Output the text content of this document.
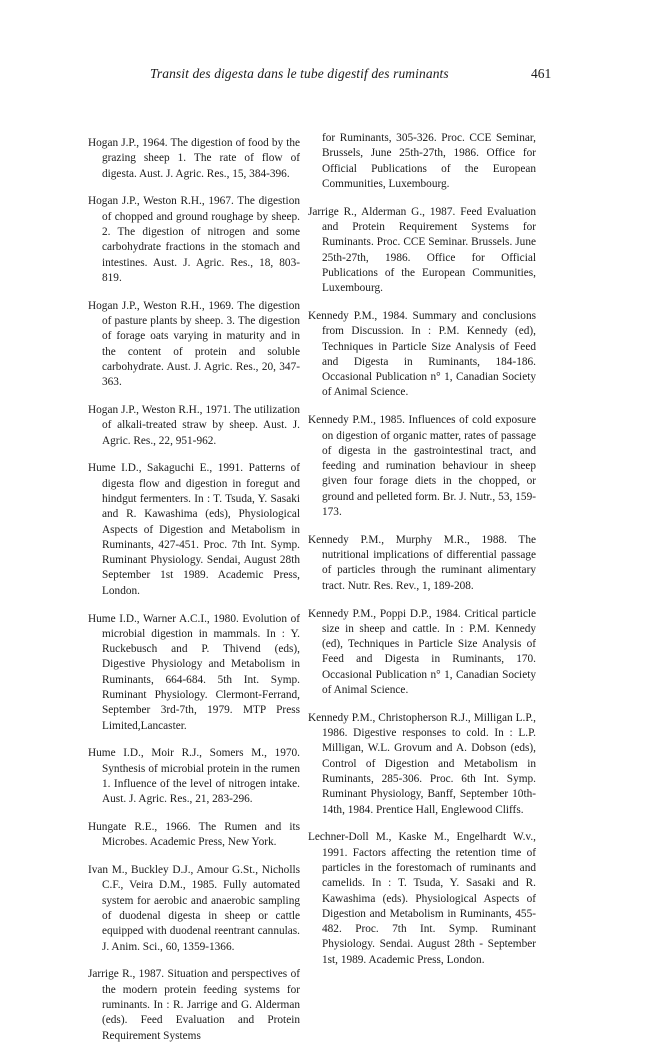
Transit des digesta dans le tube digestif des ruminants	461

Hogan J.P., 1964. The digestion of food by the grazing sheep 1. The rate of flow of digesta. Aust. J. Agric. Res., 15, 384-396.

Hogan J.P., Weston R.H., 1967. The digestion of chopped and ground roughage by sheep. 2. The digestion of nitrogen and some carbohydrate fractions in the stomach and intestines. Aust. J. Agric. Res., 18, 803-819.

Hogan J.P., Weston R.H., 1969. The digestion of pasture plants by sheep. 3. The digestion of forage oats varying in maturity and in the content of protein and soluble carbohydrate. Aust. J. Agric. Res., 20, 347-363.

Hogan J.P., Weston R.H., 1971. The utilization of alkali-treated straw by sheep. Aust. J. Agric. Res., 22, 951-962.

Hume I.D., Sakaguchi E., 1991. Patterns of digesta flow and digestion in foregut and hindgut fermenters. In : T. Tsuda, Y. Sasaki and R. Kawashima (eds), Physiological Aspects of Digestion and Metabolism in Ruminants, 427-451. Proc. 7th Int. Symp. Ruminant Physiology. Sendai, August 28th September 1st 1989. Academic Press, London.

Hume I.D., Warner A.C.I., 1980. Evolution of microbial digestion in mammals. In : Y. Ruckebusch and P. Thivend (eds), Digestive Physiology and Metabolism in Ruminants, 664-684. 5th Int. Symp. Ruminant Physiology. Clermont-Ferrand, September 3rd-7th, 1979. MTP Press Limited,Lancaster.

Hume I.D., Moir R.J., Somers M., 1970. Synthesis of microbial protein in the rumen 1. Influence of the level of nitrogen intake. Aust. J. Agric. Res., 21, 283-296.

Hungate R.E., 1966. The Rumen and its Microbes. Academic Press, New York.

Ivan M., Buckley D.J., Amour G.St., Nicholls C.F., Veira D.M., 1985. Fully automated system for aerobic and anaerobic sampling of duodenal digesta in sheep or cattle equipped with duodenal reentrant cannulas. J. Anim. Sci., 60, 1359-1366.

Jarrige R., 1987. Situation and perspectives of the modern protein feeding systems for ruminants. In : R. Jarrige and G. Alderman (eds). Feed Evaluation and Protein Requirement Systems

for Ruminants, 305-326. Proc. CCE Seminar, Brussels, June 25th-27th, 1986. Office for Official Publications of the European Communities, Luxembourg.

Jarrige R., Alderman G., 1987. Feed Evaluation and Protein Requirement Systems for Ruminants. Proc. CCE Seminar. Brussels. June 25th-27th, 1986. Office for Official Publications of the European Communities, Luxembourg.

Kennedy P.M., 1984. Summary and conclusions from Discussion. In : P.M. Kennedy (ed), Techniques in Particle Size Analysis of Feed and Digesta in Ruminants, 184-186. Occasional Publication n° 1, Canadian Society of Animal Science.

Kennedy P.M., 1985. Influences of cold exposure on digestion of organic matter, rates of passage of digesta in the gastrointestinal tract, and feeding and rumination behaviour in sheep given four forage diets in the chopped, or ground and pelleted form. Br. J. Nutr., 53, 159-173.

Kennedy P.M., Murphy M.R., 1988. The nutritional implications of differential passage of particles through the ruminant alimentary tract. Nutr. Res. Rev., 1, 189-208.

Kennedy P.M., Poppi D.P., 1984. Critical particle size in sheep and cattle. In : P.M. Kennedy (ed), Techniques in Particle Size Analysis of Feed and Digesta in Ruminants, 170. Occasional Publication n° 1, Canadian Society of Animal Science.

Kennedy P.M., Christopherson R.J., Milligan L.P., 1986. Digestive responses to cold. In : L.P. Milligan, W.L. Grovum and A. Dobson (eds), Control of Digestion and Metabolism in Ruminants, 285-306. Proc. 6th Int. Symp. Ruminant Physiology, Banff, September 10th-14th, 1984. Prentice Hall, Englewood Cliffs.

Lechner-Doll M., Kaske M., Engelhardt W.v., 1991. Factors affecting the retention time of particles in the forestomach of ruminants and camelids. In : T. Tsuda, Y. Sasaki and R. Kawashima (eds). Physiological Aspects of Digestion and Metabolism in Ruminants, 455-482. Proc. 7th Int. Symp. Ruminant Physiology. Sendai. August 28th - September 1st, 1989. Academic Press, London.
